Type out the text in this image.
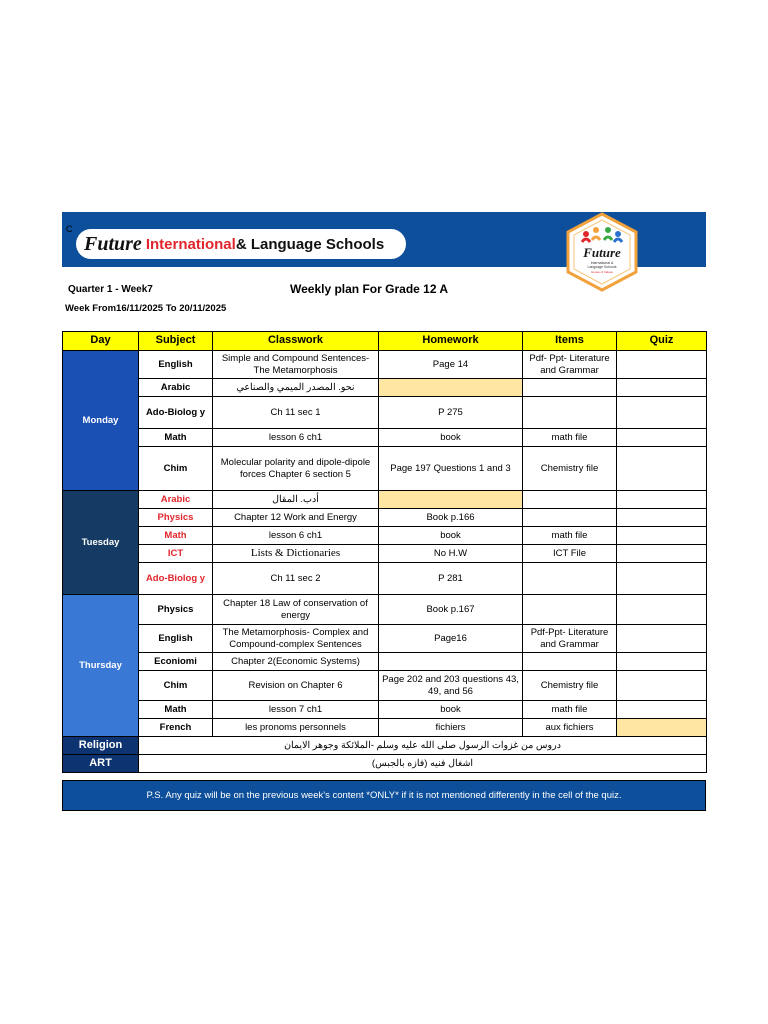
C
Future International & Language Schools	Future
International &
Language Schools
House of Values
Quarter 1 - Week7	Weekly plan For Grade 12 A
Week From16/11/2025 To 20/11/2025
Day	Subject	Classwork	Homework	Items	Quiz
Monday	English	Simple and Compound Sentences- The Metamorphosis	Page 14	Pdf- Ppt- Literature and Grammar	
	Arabic	نحو. المصدر الميمي والصناعي			
	Ado-Biolog y	Ch 11 sec 1	P 275		
	Math	lesson 6 ch1	book	math file	
	Chim	Molecular polarity and dipole-dipole forces Chapter 6 section 5	Page 197 Questions 1 and 3	Chemistry file	
Tuesday	Arabic	أدب. المقال			
	Physics	Chapter 12 Work and Energy	Book p.166		
	Math	lesson 6 ch1	book	math file	
	ICT	Lists & Dictionaries	No H.W	ICT File	
	Ado-Biolog y	Ch 11 sec 2	P 281		
Thursday	Physics	Chapter 18 Law of conservation of energy	Book p.167		
	English	The Metamorphosis- Complex and Compound-complex Sentences	Page16	Pdf-Ppt- Literature and Grammar	
	Econiomi	Chapter 2(Economic Systems)			
	Chim	Revision on Chapter 6	Page 202 and 203 questions 43, 49, and 56	Chemistry file	
	Math	lesson 7 ch1	book	math file	
	French	les pronoms personnels	fichiers	aux fichiers	
Religion	دروس من غزوات الرسول صلى الله عليه وسلم -الملائكة وجوهر الايمان				
ART	اشغال فنيه (فازه بالجبس)				
P.S. Any quiz will be on the previous week's content *ONLY* if it is not mentioned differently in the cell of the quiz.
